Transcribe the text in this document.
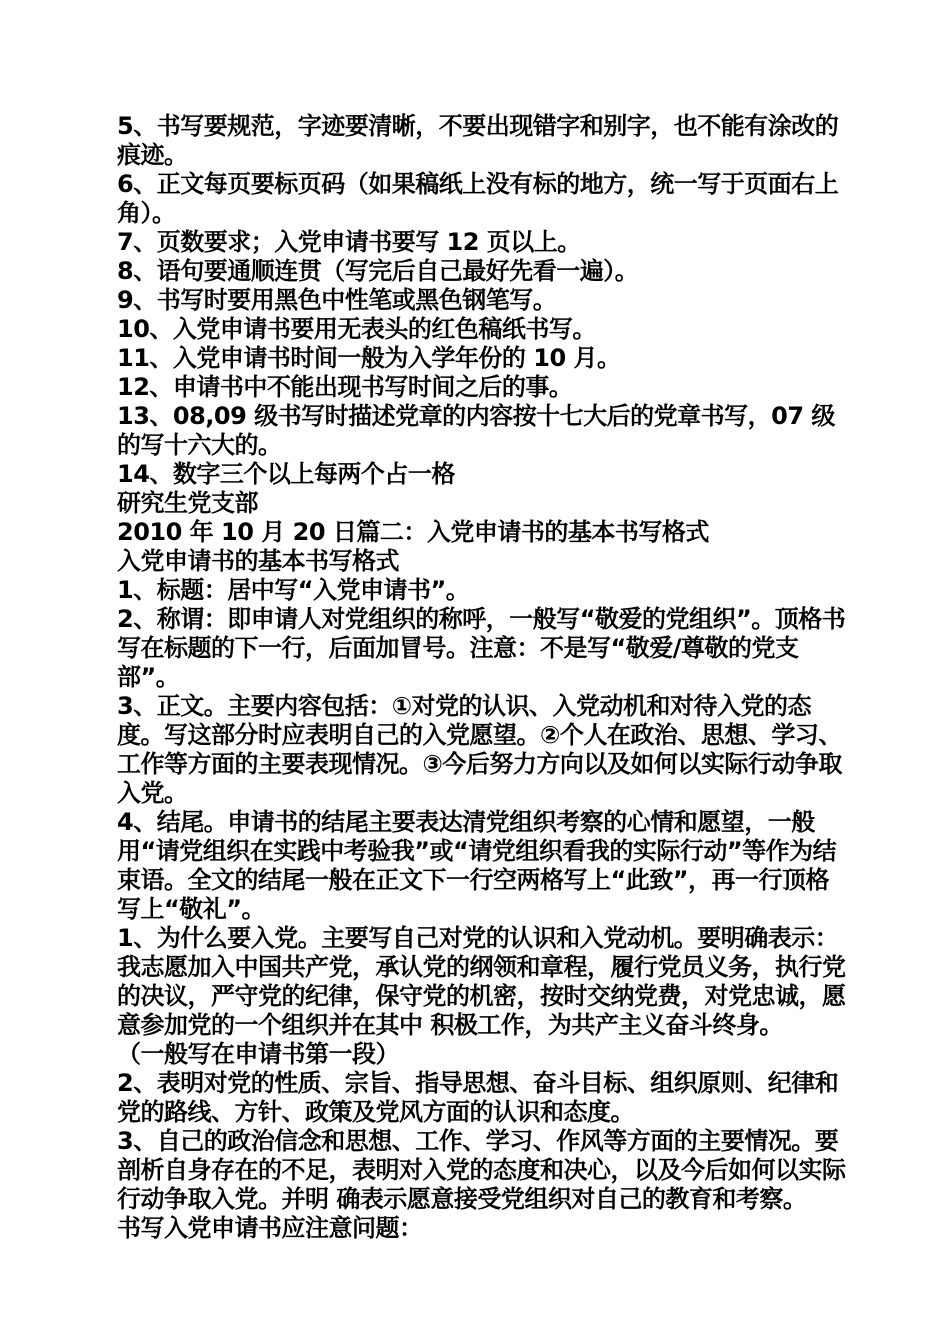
5、书写要规范，字迹要清晰，不要出现错字和别字，也不能有涂改的痕迹。

6、正文每页要标页码（如果稿纸上没有标的地方，统一写于页面右上角）。

7、页数要求；入党申请书要写 12 页以上。

8、语句要通顺连贯（写完后自己最好先看一遍）。

9、书写时要用黑色中性笔或黑色钢笔写。

10、入党申请书要用无表头的红色稿纸书写。

11、入党申请书时间一般为入学年份的 10 月。

12、申请书中不能出现书写时间之后的事。

13、08,09 级书写时描述党章的内容按十七大后的党章书写，07 级的写十六大的。

14、数字三个以上每两个占一格

研究生党支部

2010 年 10 月 20 日篇二：入党申请书的基本书写格式

入党申请书的基本书写格式

1、标题：居中写“入党申请书”。

2、称谓：即申请人对党组织的称呼，一般写“敬爱的党组织”。顶格书写在标题的下一行，后面加冒号。注意：不是写“敬爱/尊敬的党支部”。

3、正文。主要内容包括：①对党的认识、入党动机和对待入党的态度。写这部分时应表明自己的入党愿望。②个人在政治、思想、学习、工作等方面的主要表现情况。③今后努力方向以及如何以实际行动争取入党。

4、结尾。申请书的结尾主要表达清党组织考察的心情和愿望，一般用“请党组织在实践中考验我”或“请党组织看我的实际行动”等作为结束语。全文的结尾一般在正文下一行空两格写上“此致”，再一行顶格写上“敬礼”。

1、为什么要入党。主要写自己对党的认识和入党动机。要明确表示：我志愿加入中国共产党，承认党的纲领和章程，履行党员义务，执行党的决议，严守党的纪律，保守党的机密，按时交纳党费，对党忠诚，愿意参加党的一个组织并在其中 积极工作，为共产主义奋斗终身。

（一般写在申请书第一段）

2、表明对党的性质、宗旨、指导思想、奋斗目标、组织原则、纪律和党的路线、方针、政策及党风方面的认识和态度。

3、自己的政治信念和思想、工作、学习、作风等方面的主要情况。要剖析自身存在的不足，表明对入党的态度和决心，以及今后如何以实际行动争取入党。并明 确表示愿意接受党组织对自己的教育和考察。

书写入党申请书应注意问题：
